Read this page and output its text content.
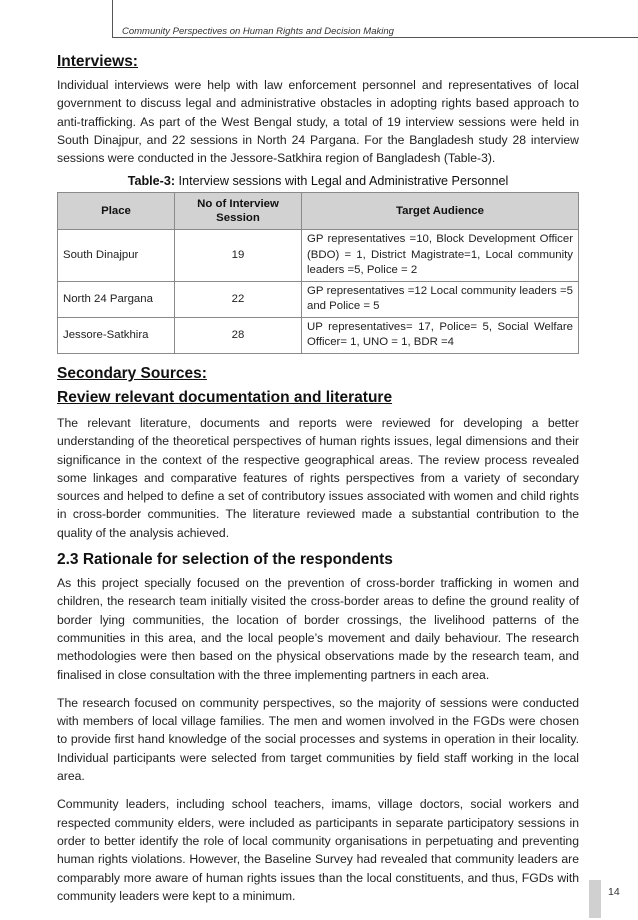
Community Perspectives on Human Rights and Decision Making
Interviews:

Individual interviews were help with law enforcement personnel and representatives of local government to discuss legal and administrative obstacles in adopting rights based approach to anti-trafficking. As part of the West Bengal study, a total of 19 interview sessions were held in South Dinajpur, and 22 sessions in North 24 Pargana. For the Bangladesh study 28 interview sessions were conducted in the Jessore-Satkhira region of Bangladesh (Table-3).

Table-3: Interview sessions with Legal and Administrative Personnel
Place	No of Interview Session	Target Audience
South Dinajpur	19	GP representatives =10, Block Development Officer (BDO) = 1, District Magistrate=1, Local community leaders =5, Police = 2
North 24 Pargana	22	GP representatives =12 Local community leaders =5 and Police = 5
Jessore-Satkhira	28	UP representatives= 17, Police= 5, Social Welfare Officer= 1, UNO = 1, BDR =4
Secondary Sources:
Review relevant documentation and literature

The relevant literature, documents and reports were reviewed for developing a better understanding of the theoretical perspectives of human rights issues, legal dimensions and their significance in the context of the respective geographical areas. The review process revealed some linkages and comparative features of rights perspectives from a variety of secondary sources and helped to define a set of contributory issues associated with women and child rights in cross-border communities. The literature reviewed made a substantial contribution to the quality of the analysis achieved.

2.3 Rationale for selection of the respondents

As this project specially focused on the prevention of cross-border trafficking in women and children, the research team initially visited the cross-border areas to define the ground reality of border lying communities, the location of border crossings, the livelihood patterns of the communities in this area, and the local people’s movement and daily behaviour. The research methodologies were then based on the physical observations made by the research team, and finalised in close consultation with the three implementing partners in each area.

The research focused on community perspectives, so the majority of sessions were conducted with members of local village families. The men and women involved in the FGDs were chosen to provide first hand knowledge of the social processes and systems in operation in their locality. Individual participants were selected from target communities by field staff working in the local area.

Community leaders, including school teachers, imams, village doctors, social workers and respected community elders, were included as participants in separate participatory sessions in order to better identify the role of local community organisations in perpetuating and preventing human rights violations. However, the Baseline Survey had revealed that community leaders are comparably more aware of human rights issues than the local constituents, and thus, FGDs with community leaders were kept to a minimum.	14
